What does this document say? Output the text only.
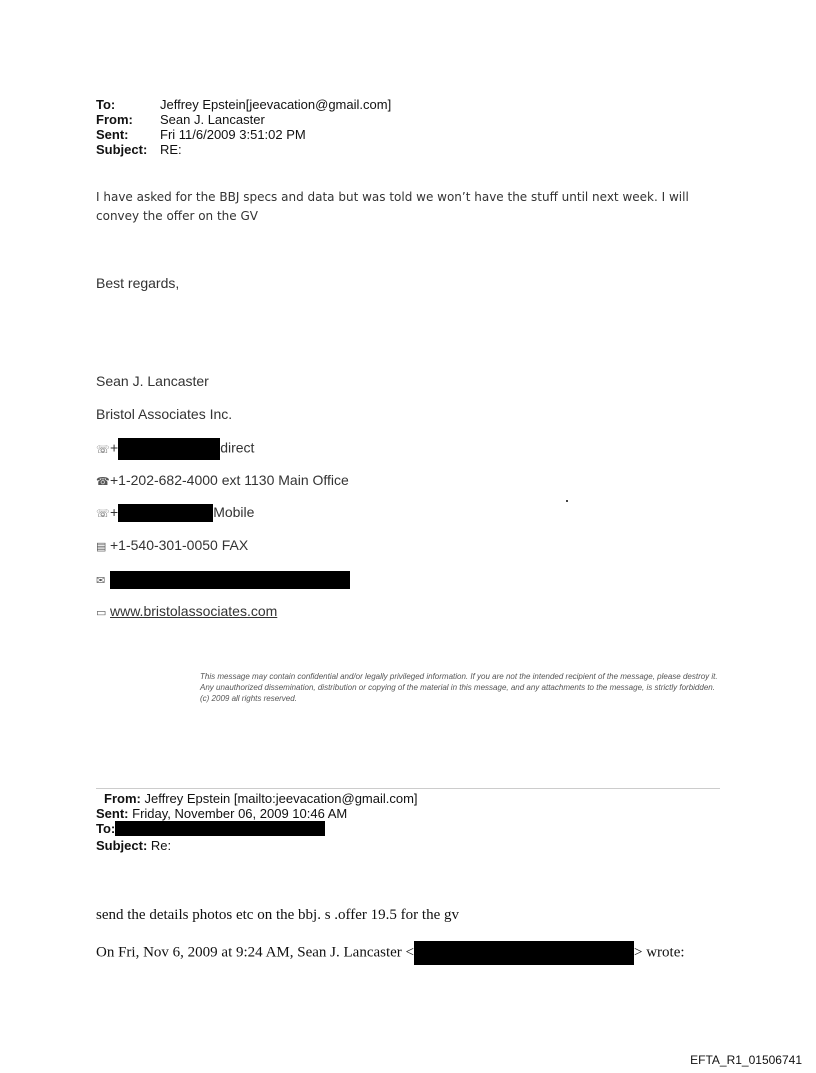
To:	Jeffrey Epstein[jeevacation@gmail.com]
From: Sean J. Lancaster
Sent: Fri 11/6/2009 3:51:02 PM
Subject: RE:
I have asked for the BBJ specs and data but was told we won’t have the stuff until next week. I will
convey the offer on the GV
Best regards,
Sean J. Lancaster
Bristol Associates Inc.
☏+	direct
☎+1-202-682-4000 ext 1130 Main Office
☏+	Mobile
▤ +1-540-301-0050 FAX
✉
▭ www.bristolassociates.com
This message may contain confidential and/or legally privileged information. If you are not the intended recipient of the message, please destroy it. Any unauthorized dissemination, distribution or copying of the material in this message, and any attachments to the message, is strictly forbidden. (c) 2009 all rights reserved.
From: Jeffrey Epstein [mailto:jeevacation@gmail.com]
Sent: Friday, November 06, 2009 10:46 AM
To:
Subject: Re:
send the details photos etc on the bbj. s .offer 19.5 for the gv
On Fri, Nov 6, 2009 at 9:24 AM, Sean J. Lancaster <	> wrote:
EFTA_R1_01506741
